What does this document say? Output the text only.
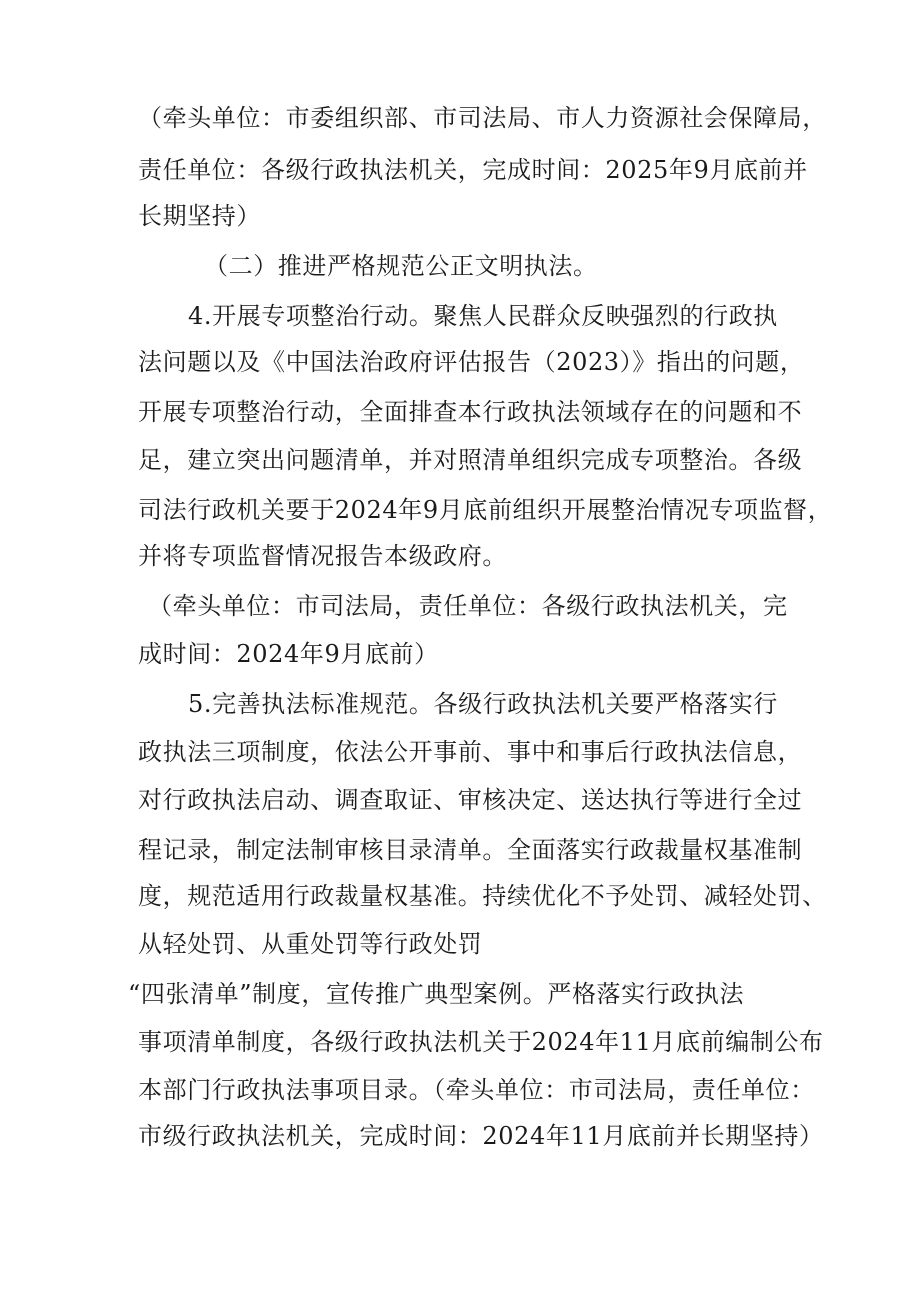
（牵头单位：市委组织部、市司法局、市人力资源社会保障局，
责任单位：各级行政执法机关，完成时间：2025年9月底前并
长期坚持）
（二）推进严格规范公正文明执法。
4.开展专项整治行动。聚焦人民群众反映强烈的行政执
法问题以及《中国法治政府评估报告（2023）》指出的问题，
开展专项整治行动，全面排查本行政执法领域存在的问题和不
足，建立突出问题清单，并对照清单组织完成专项整治。各级
司法行政机关要于2024年9月底前组织开展整治情况专项监督，
并将专项监督情况报告本级政府。
（牵头单位：市司法局，责任单位：各级行政执法机关，完
成时间：2024年9月底前）
5.完善执法标准规范。各级行政执法机关要严格落实行
政执法三项制度，依法公开事前、事中和事后行政执法信息，
对行政执法启动、调查取证、审核决定、送达执行等进行全过
程记录，制定法制审核目录清单。全面落实行政裁量权基准制
度，规范适用行政裁量权基准。持续优化不予处罚、减轻处罚、
从轻处罚、从重处罚等行政处罚
“四张清单”制度，宣传推广典型案例。严格落实行政执法
事项清单制度，各级行政执法机关于2024年11月底前编制公布
本部门行政执法事项目录。（牵头单位：市司法局，责任单位：
市级行政执法机关，完成时间：2024年11月底前并长期坚持）
